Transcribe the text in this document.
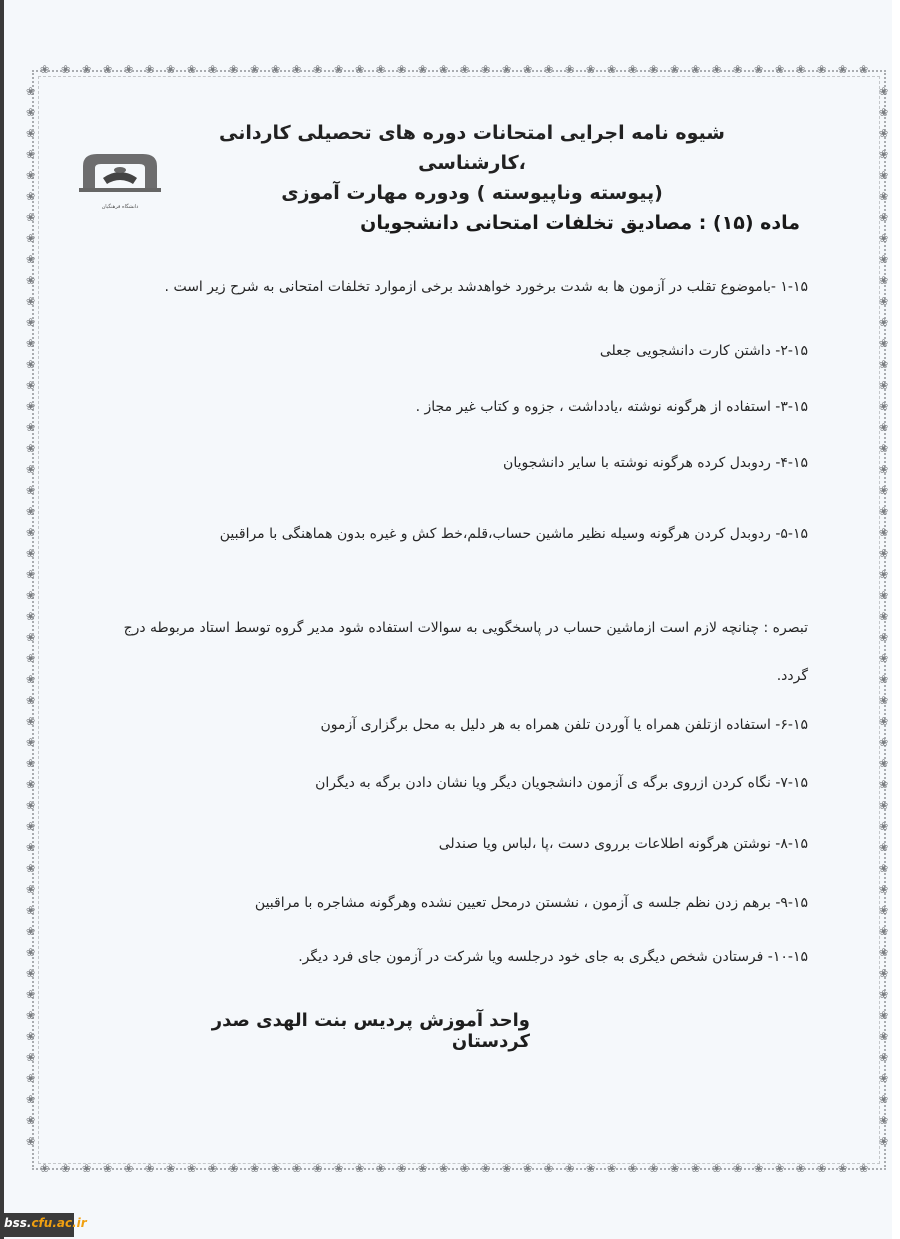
❀
❀
❀
❀
❀
❀
❀
❀
❀
❀
❀
❀
❀
❀
❀
❀
❀
❀
❀
❀
❀
❀
❀
❀
❀
❀
❀
❀
❀
❀
❀
❀
❀
❀
❀
❀
❀
❀
❀
❀
❀
❀
❀
❀
❀
❀
❀
❀
❀
❀
❀
❀
❀
❀
❀
❀
❀
❀
❀
❀
❀
❀
❀
❀
❀
❀
❀
❀
❀
❀
❀
❀
❀
❀
❀
❀
❀
❀
❀
❀
❀	❀
❀	❀
❀	❀
❀	❀
❀	❀
❀	❀
❀	❀
❀	❀
❀	❀
❀	❀
❀	❀
❀	❀
❀	❀
❀	❀
❀	❀
❀	❀
❀	❀
❀	❀
❀	❀
❀	❀
❀	❀
❀	❀
❀	❀
❀	❀
❀	❀
❀	❀
❀	❀
❀	❀
❀	❀
❀	❀
❀	❀
❀	❀
❀	❀
❀	❀
❀	❀
❀	❀
❀	❀
❀	❀
❀	❀
❀	❀
❀	❀
❀	❀
❀	❀
❀	❀
❀	❀
❀	❀
❀	❀
❀	❀
❀	❀
❀	❀
❀	❀
دانشگاه فرهنگیان
شیوه نامه اجرایی امتحانات دوره های تحصیلی کاردانی ،کارشناسی
(پیوسته وناپیوسته ) ودوره مهارت آموزی
ماده (۱۵) : مصادیق تخلفات امتحانی دانشجویان
۱-۱۵ -باموضوع تقلب در آزمون ها به شدت برخورد خواهدشد برخی ازموارد تخلفات امتحانی به شرح زیر است .
۲-۱۵- داشتن کارت دانشجویی جعلی
۳-۱۵- استفاده از هرگونه نوشته ،یادداشت ، جزوه و کتاب غیر مجاز .
۴-۱۵- ردوبدل کرده هرگونه نوشته با سایر دانشجویان
۵-۱۵- ردوبدل کردن هرگونه وسیله نظیر ماشین حساب،قلم،خط کش و غیره بدون هماهنگی با مراقبین
تبصره : چنانچه لازم است ازماشین حساب در پاسخگویی به سوالات استفاده شود مدیر گروه توسط استاد مربوطه درج گردد.
۶-۱۵- استفاده ازتلفن همراه یا آوردن تلفن همراه به هر دلیل به محل برگزاری آزمون
۷-۱۵- نگاه کردن ازروی برگه ی آزمون دانشجویان دیگر ویا نشان دادن برگه به دیگران
۸-۱۵- نوشتن هرگونه اطلاعات برروی دست ،پا ،لباس ویا صندلی
۹-۱۵- برهم زدن نظم جلسه ی آزمون ، نشستن درمحل تعیین نشده وهرگونه مشاجره با مراقبین
۱۰-۱۵- فرستادن شخص دیگری به جای خود درجلسه ویا شرکت در آزمون جای فرد دیگر.
واحد آموزش پردیس بنت الهدی صدر کردستان
bss.cfu.ac.ir
